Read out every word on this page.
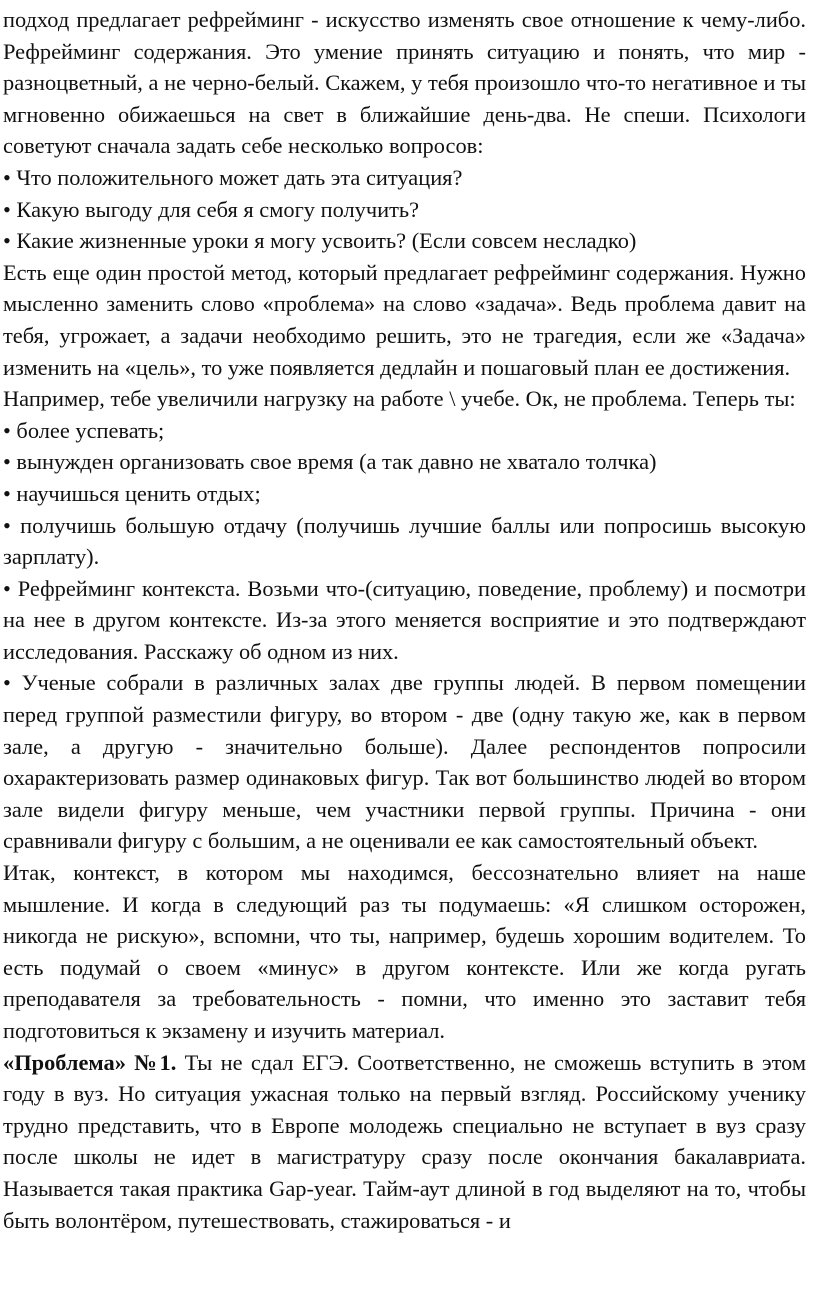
подход предлагает рефрейминг - искусство изменять свое отношение к чему-либо. Рефрейминг содержания. Это умение принять ситуацию и понять, что мир - разноцветный, а не черно-белый. Скажем, у тебя произошло что-то негативное и ты мгновенно обижаешься на свет в ближайшие день-два. Не спеши. Психологи советуют сначала задать себе несколько вопросов:

• Что положительного может дать эта ситуация?

• Какую выгоду для себя я смогу получить?

• Какие жизненные уроки я могу усвоить? (Если совсем несладко)

Есть еще один простой метод, который предлагает рефрейминг содержания. Нужно мысленно заменить слово «проблема» на слово «задача». Ведь проблема давит на тебя, угрожает, а задачи необходимо решить, это не трагедия, если же «Задача» изменить на «цель», то уже появляется дедлайн и пошаговый план ее достижения.

Например, тебе увеличили нагрузку на работе \ учебе. Ок, не проблема. Теперь ты:

• более успевать;

• вынужден организовать свое время (а так давно не хватало толчка)

• научишься ценить отдых;

• получишь большую отдачу (получишь лучшие баллы или попросишь высокую зарплату).

• Рефрейминг контекста. Возьми что-(ситуацию, поведение, проблему) и посмотри на нее в другом контексте. Из-за этого меняется восприятие и это подтверждают исследования. Расскажу об одном из них.

• Ученые собрали в различных залах две группы людей. В первом помещении перед группой разместили фигуру, во втором - две (одну такую же, как в первом зале, а другую - значительно больше). Далее респондентов попросили охарактеризовать размер одинаковых фигур. Так вот большинство людей во втором зале видели фигуру меньше, чем участники первой группы. Причина - они сравнивали фигуру с большим, а не оценивали ее как самостоятельный объект.

Итак, контекст, в котором мы находимся, бессознательно влияет на наше мышление. И когда в следующий раз ты подумаешь: «Я слишком осторожен, никогда не рискую», вспомни, что ты, например, будешь хорошим водителем. То есть подумай о своем «минус» в другом контексте. Или же когда ругать преподавателя за требовательность - помни, что именно это заставит тебя подготовиться к экзамену и изучить материал.

«Проблема» №1. Ты не сдал ЕГЭ. Соответственно, не сможешь вступить в этом году в вуз. Но ситуация ужасная только на первый взгляд. Российскому ученику трудно представить, что в Европе молодежь специально не вступает в вуз сразу после школы не идет в магистратуру сразу после окончания бакалавриата. Называется такая практика Gap-year. Тайм-аут длиной в год выделяют на то, чтобы быть волонтёром, путешествовать, стажироваться - и
